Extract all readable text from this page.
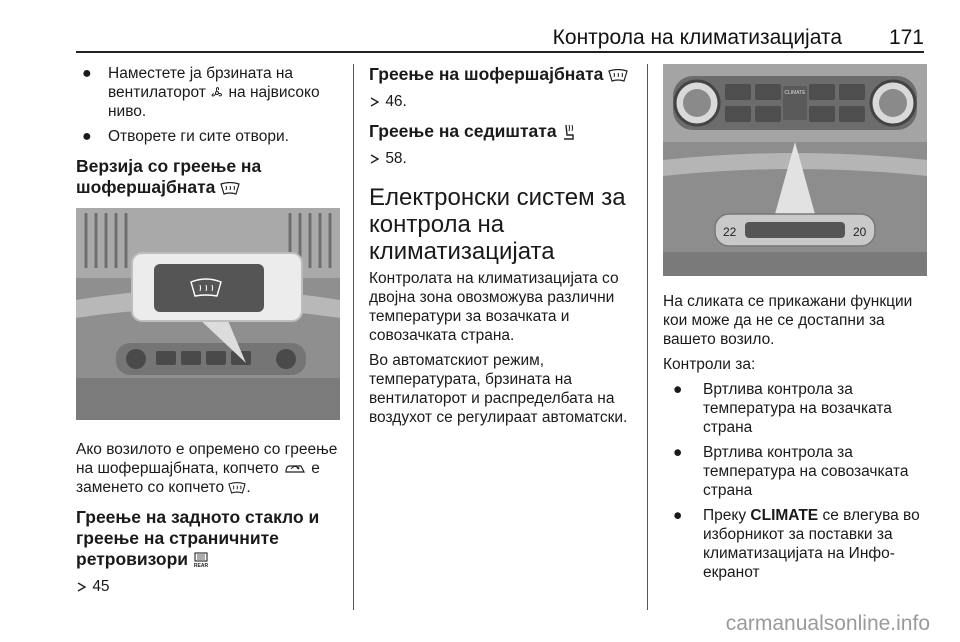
Контрола на климатизацијата 171
●	Наместете ја брзината на вентилаторот на највисоко ниво.
●	Отворете ги сите отвори.
Верзија со греење на шофершајбната

Ако возилото е опремено со греење на шофершајбната, копчето е заменето со копчето .

Греење на задното стакло и греење на страничните ретровизори REAR
45
Греење на шофершајбната
46.
Греење на седиштата
58.
Електронски систем за контрола на климатизацијата

Контролата на климатизацијата со двојна зона овозможува различни температури за возачката и совозачката страна.

Во автоматскиот режим, температурата, брзината на вентилаторот и распределбата на воздухот се регулираат автоматски.

CLIMATE
22	20

На сликата се прикажани функции кои може да не се достапни за вашето возило.

Контроли за:

●	Вртлива контрола за температура на возачката страна
●	Вртлива контрола за температура на совозачката страна
●	Преку CLIMATE се влегува во изборникот за поставки за климатизацијата на Инфо-екранот
carmanualsonline.info
